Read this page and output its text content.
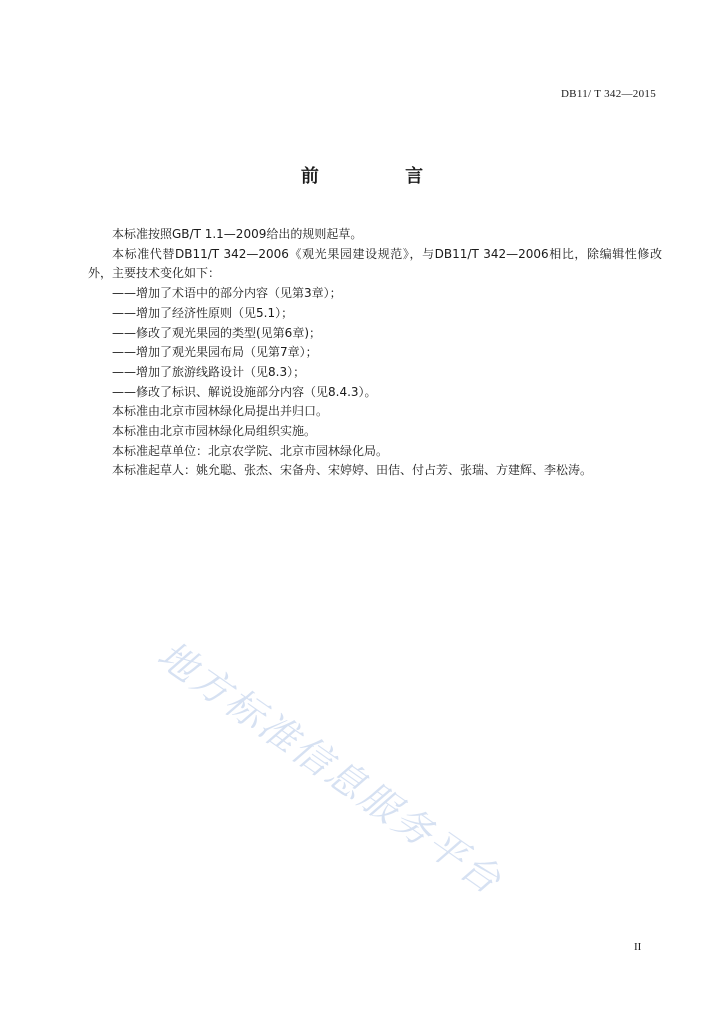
DB11/ T 342—2015
前 言

本标准按照GB/T 1.1—2009给出的规则起草。

本标准代替DB11/T 342—2006《观光果园建设规范》，与DB11/T 342—2006相比，除编辑性修改外，主要技术变化如下：

——增加了术语中的部分内容（见第3章）；

——增加了经济性原则（见5.1）；

——修改了观光果园的类型(见第6章)；

——增加了观光果园布局（见第7章）；

——增加了旅游线路设计（见8.3）；

——修改了标识、解说设施部分内容（见8.4.3）。

本标准由北京市园林绿化局提出并归口。

本标准由北京市园林绿化局组织实施。

本标准起草单位：北京农学院、北京市园林绿化局。

本标准起草人：姚允聪、张杰、宋备舟、宋婷婷、田佶、付占芳、张瑞、方建辉、李松涛。

地方标准信息服务平台
II
